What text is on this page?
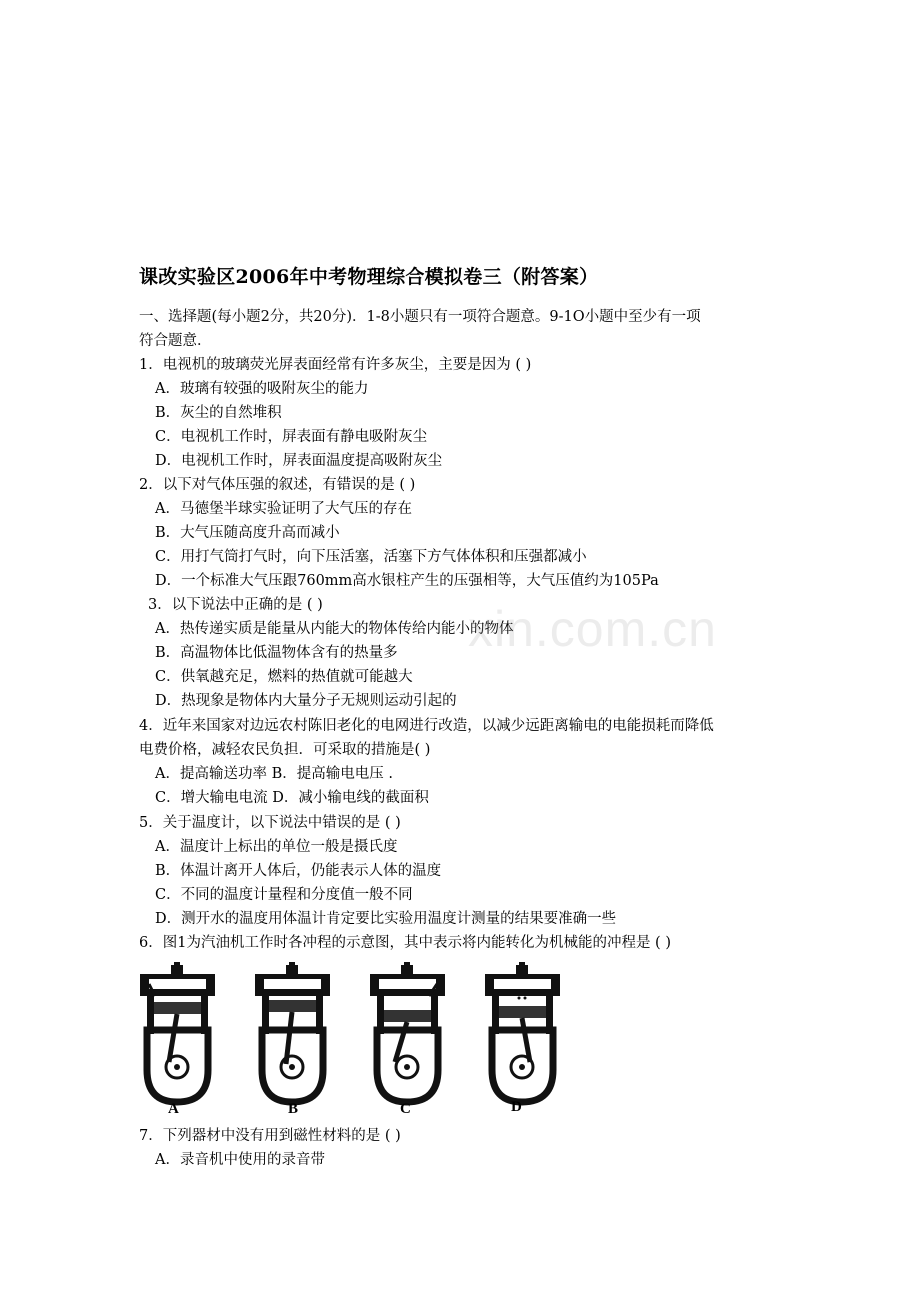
课改实验区2006年中考物理综合模拟卷三（附答案）
一、选择题(每小题2分，共20分)．1-8小题只有一项符合题意。9-1O小题中至少有一项
符合题意．
1．电视机的玻璃荧光屏表面经常有许多灰尘，主要是因为 ( )
A．玻璃有较强的吸附灰尘的能力
B．灰尘的自然堆积
C．电视机工作时，屏表面有静电吸附灰尘
D．电视机工作时，屏表面温度提高吸附灰尘
2．以下对气体压强的叙述，有错误的是 ( )
A．马德堡半球实验证明了大气压的存在
B．大气压随高度升高而减小
C．用打气筒打气时，向下压活塞，活塞下方气体体积和压强都减小
D．一个标准大气压跟760mm高水银柱产生的压强相等，大气压值约为105Pa
3．以下说法中正确的是 ( )
A．热传递实质是能量从内能大的物体传给内能小的物体
B．高温物体比低温物体含有的热量多
C．供氧越充足，燃料的热值就可能越大
D．热现象是物体内大量分子无规则运动引起的
4．近年来国家对边远农村陈旧老化的电网进行改造，以减少远距离输电的电能损耗而降低
电费价格，减轻农民负担．可采取的措施是( )
A．提高输送功率 B．提高输电电压 .
C．增大输电电流 D．减小输电线的截面积
5．关于温度计，以下说法中错误的是 ( )
A．温度计上标出的单位一般是摄氏度
B．体温计离开人体后，仍能表示人体的温度
C．不同的温度计量程和分度值一般不同
D．测开水的温度用体温计肯定要比实验用温度计测量的结果要准确一些
6．图1为汽油机工作时各冲程的示意图，其中表示将内能转化为机械能的冲程是 ( )
A	B	C	D
7．下列器材中没有用到磁性材料的是 ( )
A．录音机中使用的录音带
xin.com.cn
